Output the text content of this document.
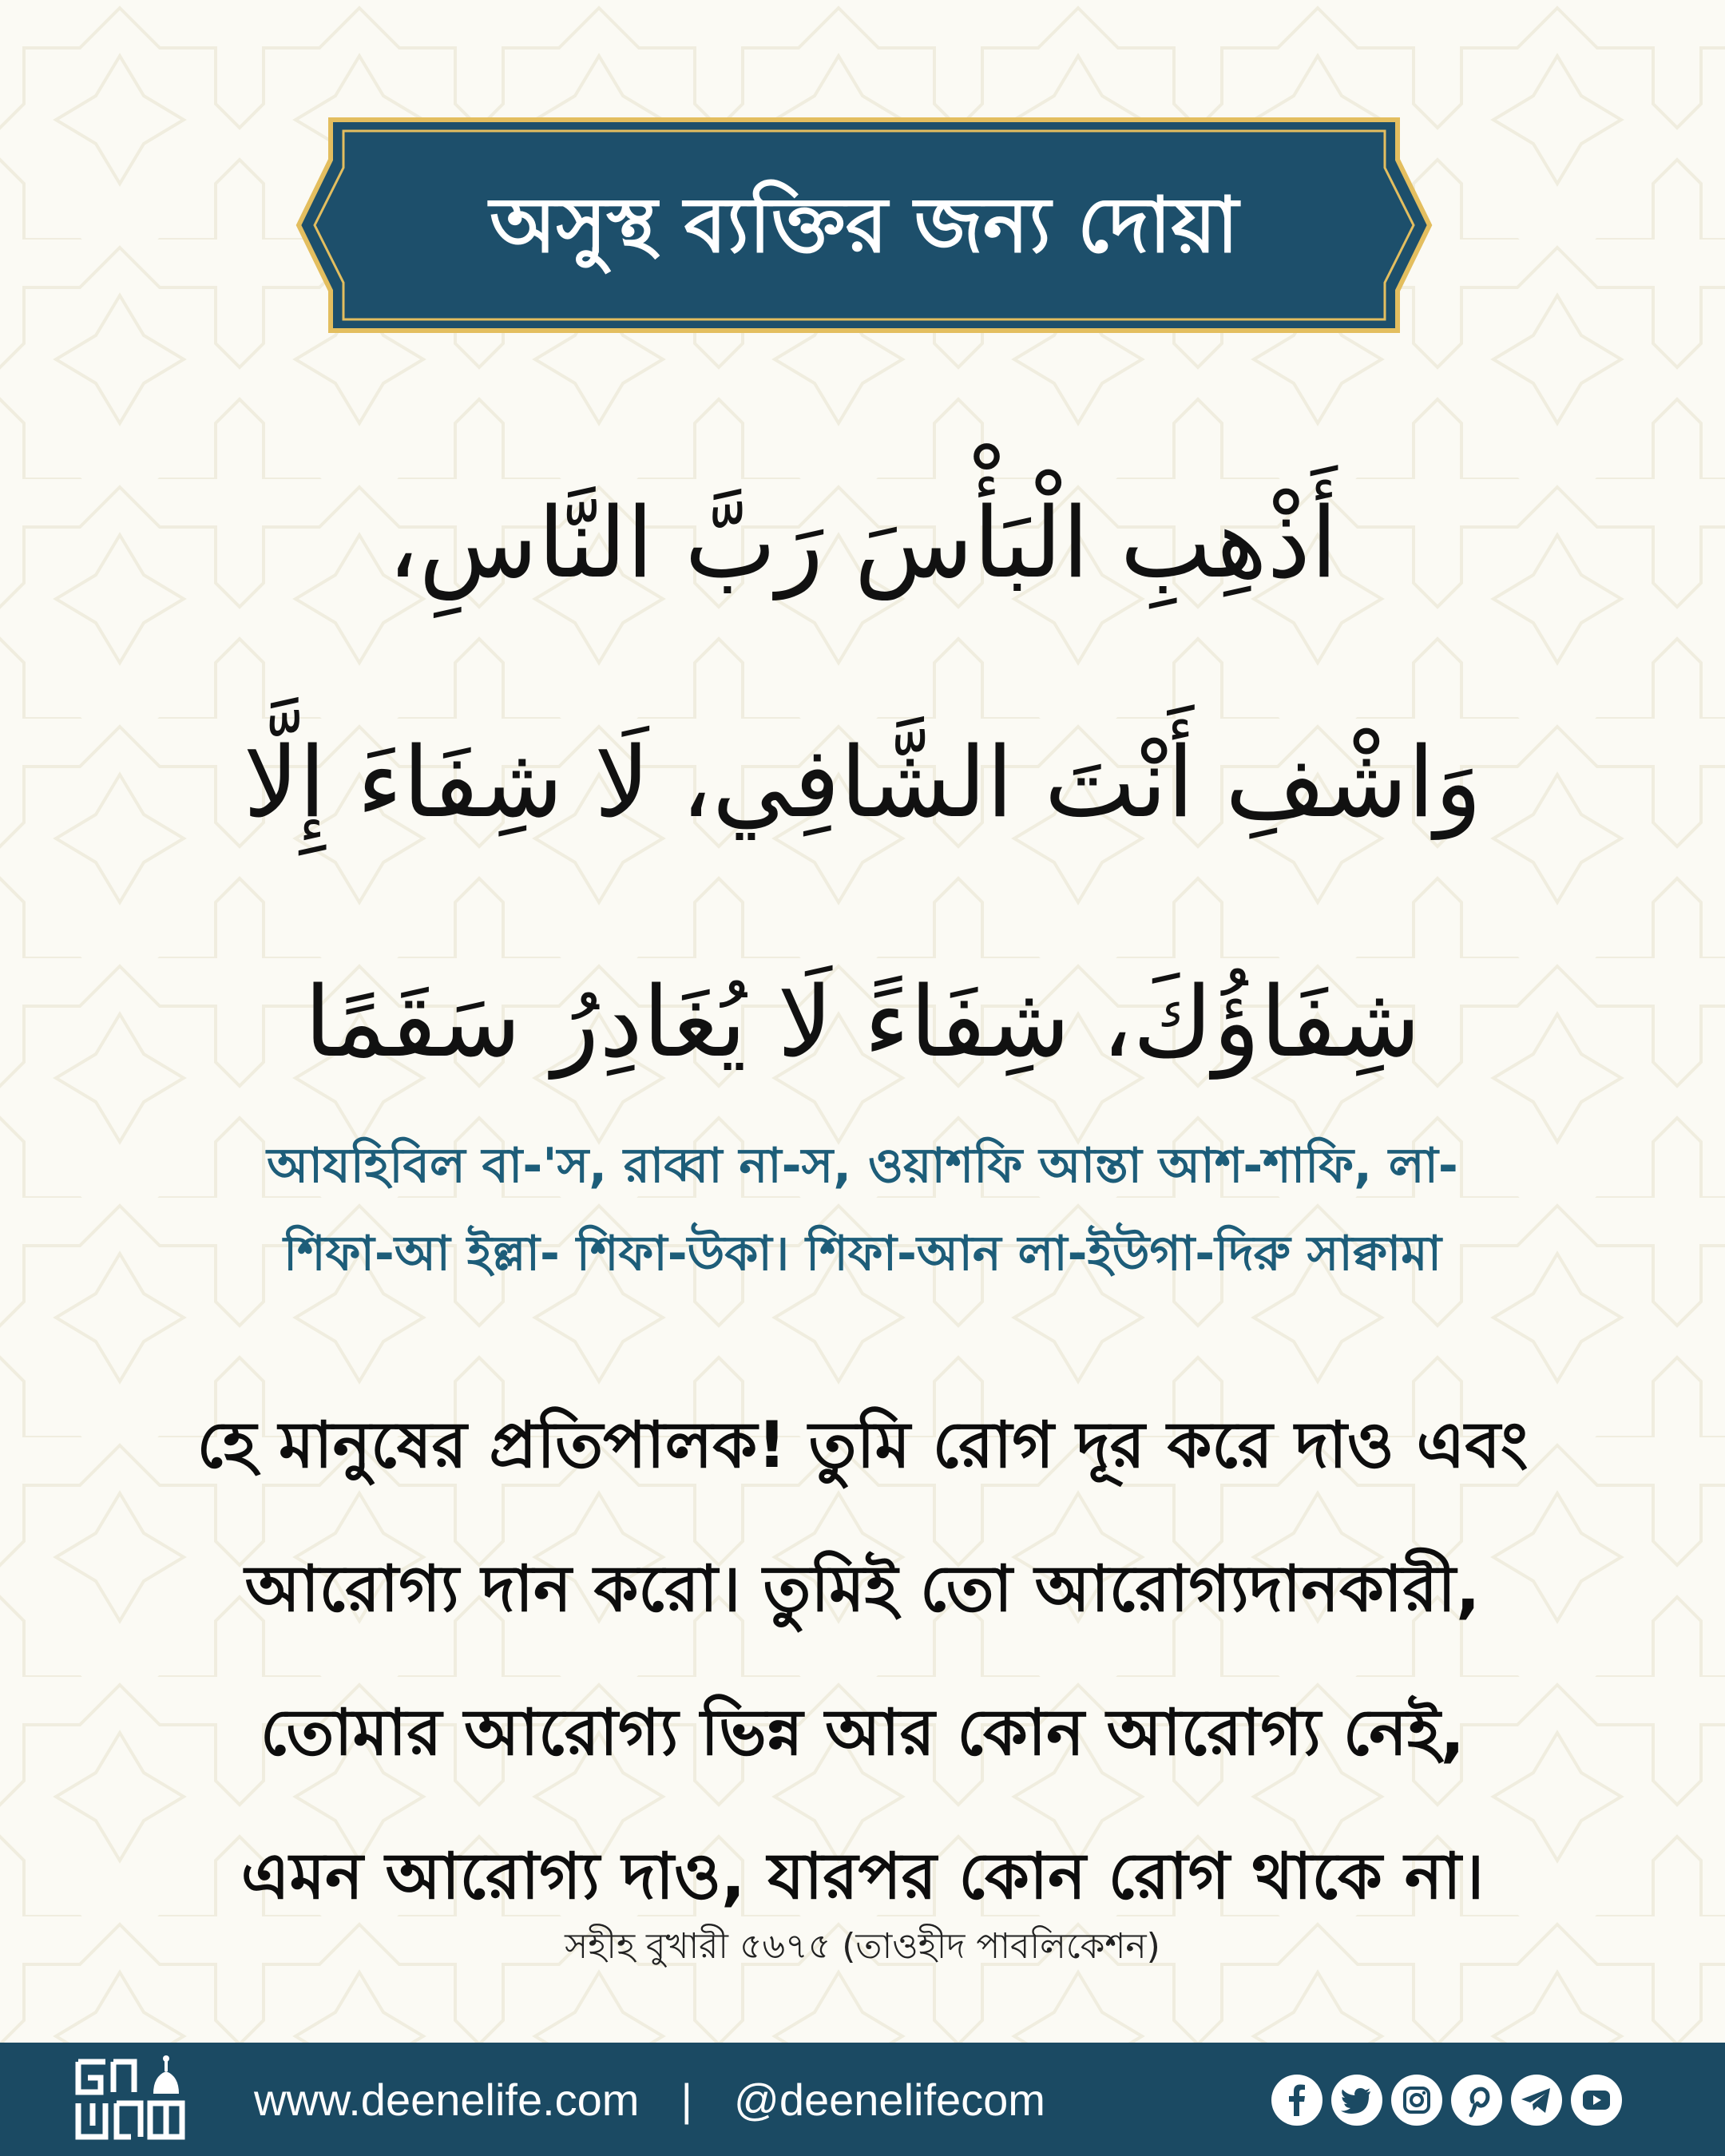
অসুস্থ ব্যক্তির জন্য দোয়া
أَذْهِبِ الْبَأْسَ رَبَّ النَّاسِ،
وَاشْفِ أَنْتَ الشَّافِي، لَا شِفَاءَ إِلَّا
شِفَاؤُكَ، شِفَاءً لَا يُغَادِرُ سَقَمًا
আযহিবিল বা-'স, রাব্বা না-স, ওয়াশফি আন্তা আশ-শাফি, লা-
শিফা-আ ইল্লা- শিফা-উকা। শিফা-আন লা-ইউগা-দিরু সাক্বামা
হে মানুষের প্রতিপালক! তুমি রোগ দূর করে দাও এবং
আরোগ্য দান করো। তুমিই তো আরোগ্যদানকারী,
তোমার আরোগ্য ভিন্ন আর কোন আরোগ্য নেই,
এমন আরোগ্য দাও, যারপর কোন রোগ থাকে না।
সহীহ বুখারী ৫৬৭৫ (তাওহীদ পাবলিকেশন)
www.deenelife.com | @deenelifecom
